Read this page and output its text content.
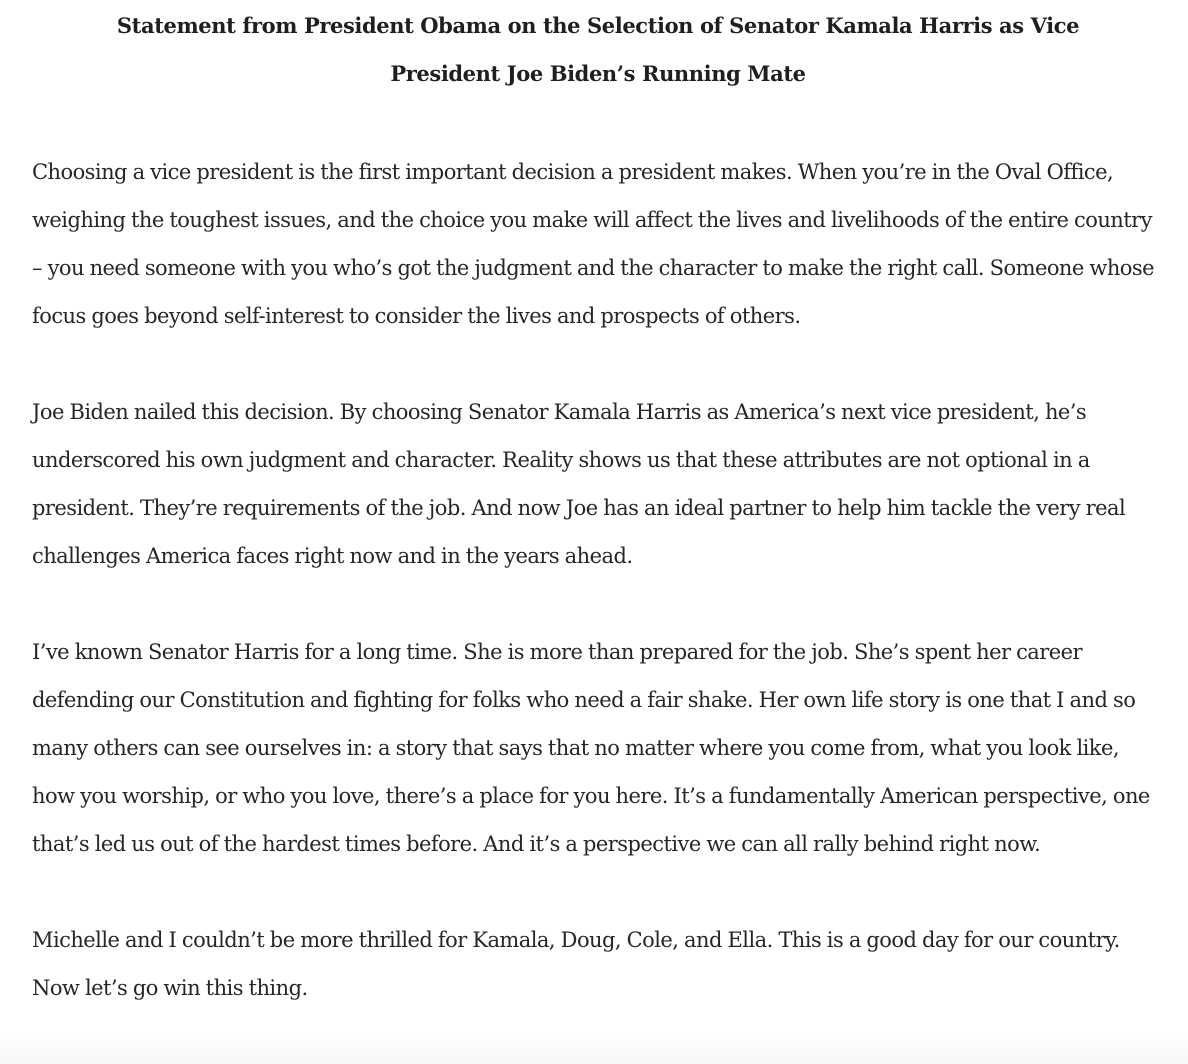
Statement from President Obama on the Selection of Senator Kamala Harris as Vice
President Joe Biden’s Running Mate

Choosing a vice president is the first important decision a president makes. When you’re in the Oval Office, weighing the toughest issues, and the choice you make will affect the lives and livelihoods of the entire country – you need someone with you who’s got the judgment and the character to make the right call. Someone whose focus goes beyond self-interest to consider the lives and prospects of others.

Joe Biden nailed this decision. By choosing Senator Kamala Harris as America’s next vice president, he’s underscored his own judgment and character. Reality shows us that these attributes are not optional in a president. They’re requirements of the job. And now Joe has an ideal partner to help him tackle the very real challenges America faces right now and in the years ahead.

I’ve known Senator Harris for a long time. She is more than prepared for the job. She’s spent her career defending our Constitution and fighting for folks who need a fair shake. Her own life story is one that I and so many others can see ourselves in: a story that says that no matter where you come from, what you look like, how you worship, or who you love, there’s a place for you here. It’s a fundamentally American perspective, one that’s led us out of the hardest times before. And it’s a perspective we can all rally behind right now.

Michelle and I couldn’t be more thrilled for Kamala, Doug, Cole, and Ella. This is a good day for our country. Now let’s go win this thing.
